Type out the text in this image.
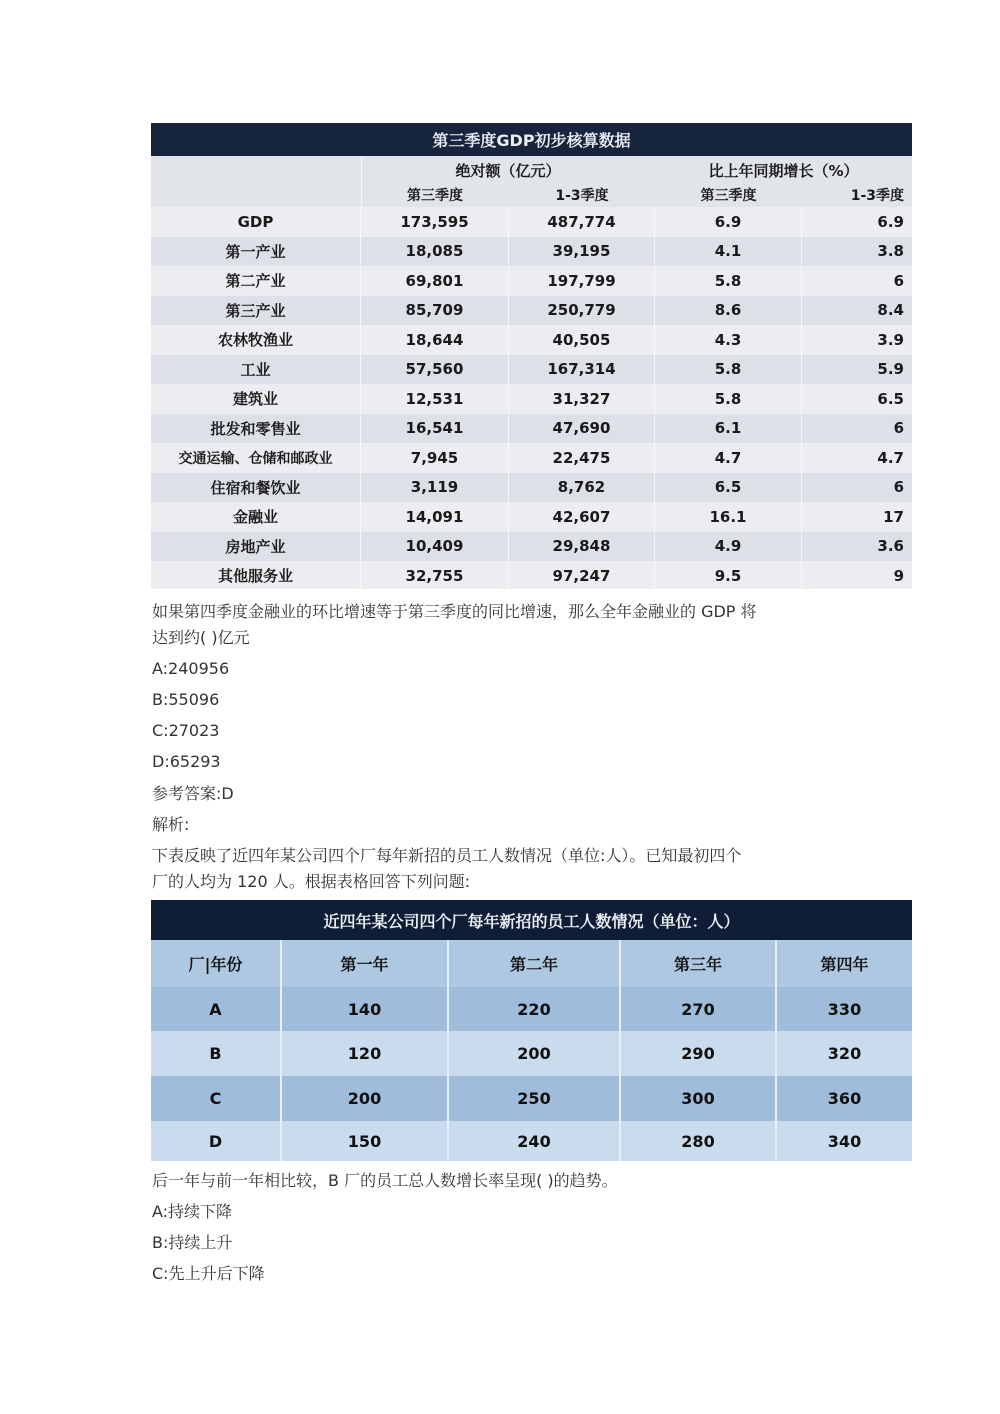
第三季度GDP初步核算数据
绝对额（亿元）	比上年同期增长（%）
第三季度	1-3季度	第三季度	1-3季度
GDP	173,595	487,774	6.9	6.9
第一产业	18,085	39,195	4.1	3.8
第二产业	69,801	197,799	5.8	6
第三产业	85,709	250,779	8.6	8.4
农林牧渔业	18,644	40,505	4.3	3.9
工业	57,560	167,314	5.8	5.9
建筑业	12,531	31,327	5.8	6.5
批发和零售业	16,541	47,690	6.1	6
交通运输、仓储和邮政业	7,945	22,475	4.7	4.7
住宿和餐饮业	3,119	8,762	6.5	6
金融业	14,091	42,607	16.1	17
房地产业	10,409	29,848	4.9	3.6
其他服务业	32,755	97,247	9.5	9
如果第四季度金融业的环比增速等于第三季度的同比增速，那么全年金融业的 GDP 将
达到约( )亿元
A:240956
B:55096
C:27023
D:65293
参考答案:D
解析:
下表反映了近四年某公司四个厂每年新招的员工人数情况（单位:人）。已知最初四个
厂的人均为 120 人。根据表格回答下列问题:
近四年某公司四个厂每年新招的员工人数情况（单位：人）
厂|年份	第一年	第二年	第三年	第四年
A	140	220	270	330
B	120	200	290	320
C	200	250	300	360
D	150	240	280	340
后一年与前一年相比较，B 厂的员工总人数增长率呈现( )的趋势。
A:持续下降
B:持续上升
C:先上升后下降
